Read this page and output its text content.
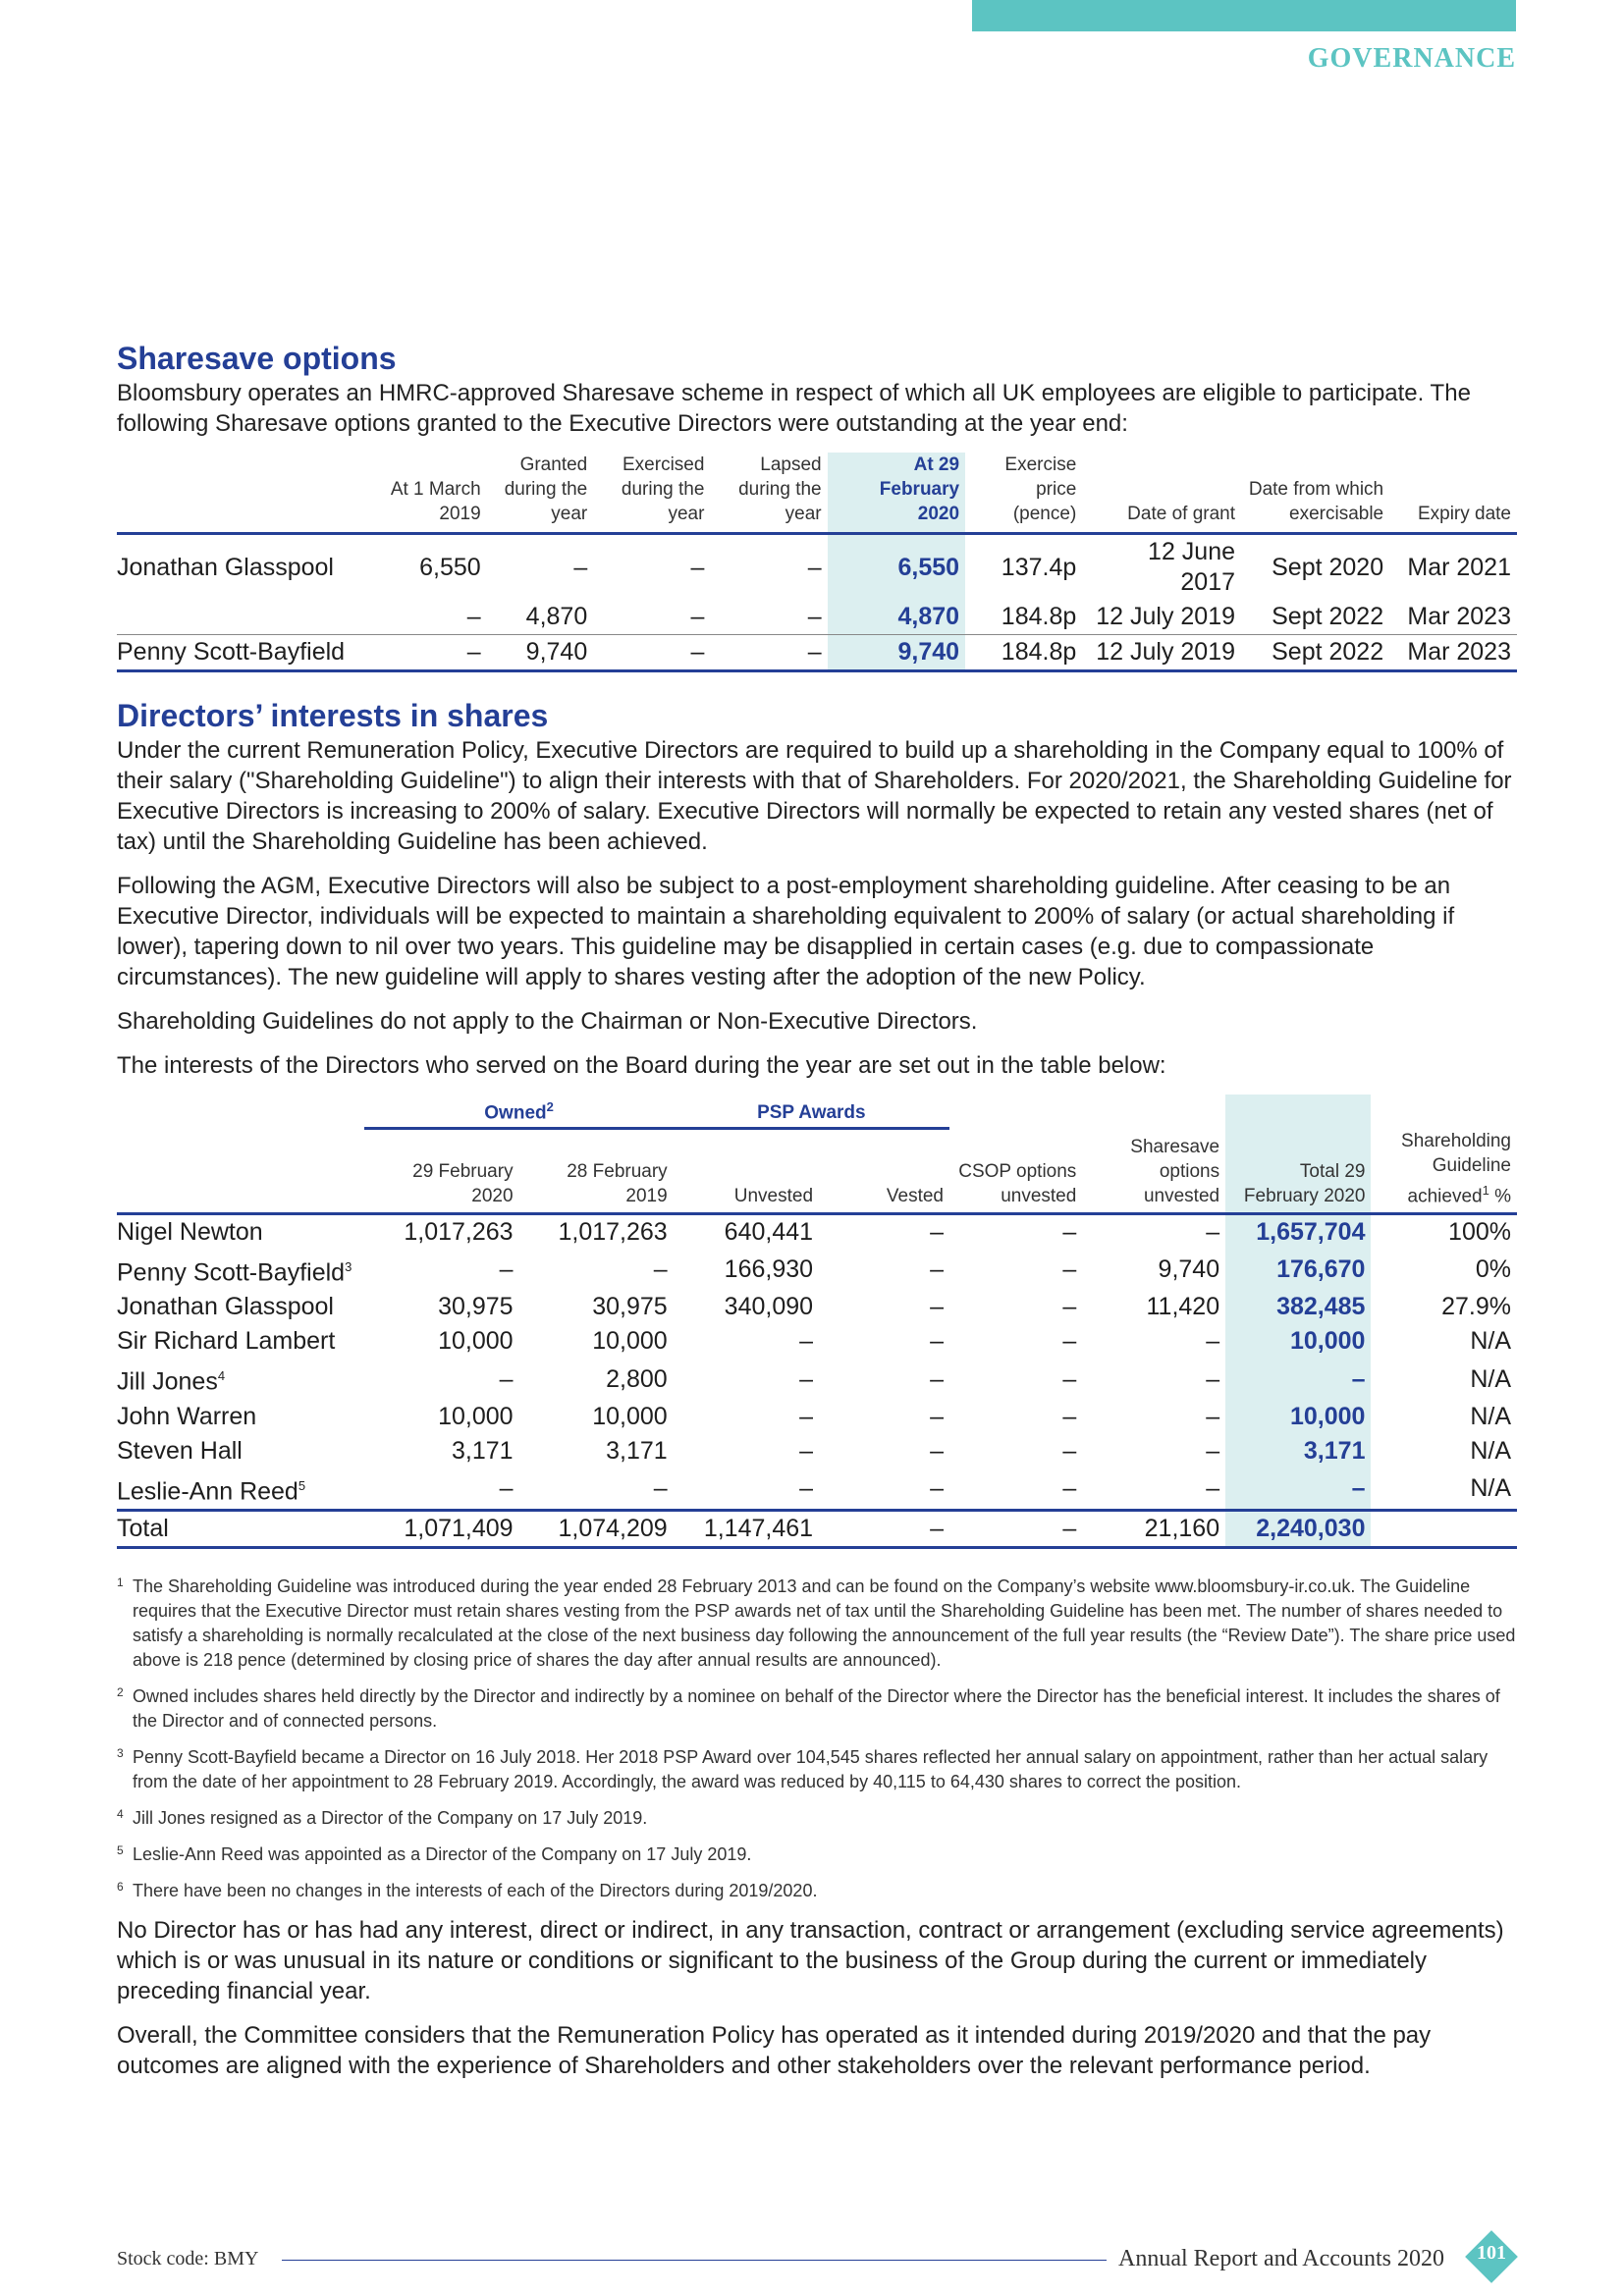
GOVERNANCE
Sharesave options

Bloomsbury operates an HMRC-approved Sharesave scheme in respect of which all UK employees are eligible to participate. The following Sharesave options granted to the Executive Directors were outstanding at the year end:

	At 1 March 2019	Granted during the year	Exercised during the year	Lapsed during the year	At 29 February 2020	Exercise price (pence)	Date of grant	Date from which exercisable	Expiry date
Jonathan Glasspool	6,550	–	–	–	6,550	137.4p	12 June 2017	Sept 2020	Mar 2021
	–	4,870	–	–	4,870	184.8p	12 July 2019	Sept 2022	Mar 2023
Penny Scott-Bayfield	–	9,740	–	–	9,740	184.8p	12 July 2019	Sept 2022	Mar 2023
Directors’ interests in shares

Under the current Remuneration Policy, Executive Directors are required to build up a shareholding in the Company equal to 100% of their salary ("Shareholding Guideline") to align their interests with that of Shareholders. For 2020/2021, the Shareholding Guideline for Executive Directors is increasing to 200% of salary. Executive Directors will normally be expected to retain any vested shares (net of tax) until the Shareholding Guideline has been achieved.

Following the AGM, Executive Directors will also be subject to a post-employment shareholding guideline. After ceasing to be an Executive Director, individuals will be expected to maintain a shareholding equivalent to 200% of salary (or actual shareholding if lower), tapering down to nil over two years. This guideline may be disapplied in certain cases (e.g. due to compassionate circumstances). The new guideline will apply to shares vesting after the adoption of the new Policy.

Shareholding Guidelines do not apply to the Chairman or Non-Executive Directors.

The interests of the Directors who served on the Board during the year are set out in the table below:

	Owned$^2$		PSP Awards					
	29 February 2020	28 February 2019	Unvested	Vested	CSOP options unvested	Sharesave options unvested	Total 29 February 2020	Shareholding Guideline achieved$^1$ %
Nigel Newton	1,017,263	1,017,263	640,441	–	–	–	1,657,704	100%
Penny Scott-Bayfield$^3$	–	–	166,930	–	–	9,740	176,670	0%
Jonathan Glasspool	30,975	30,975	340,090	–	–	11,420	382,485	27.9%
Sir Richard Lambert	10,000	10,000	–	–	–	–	10,000	N/A
Jill Jones$^4$	–	2,800	–	–	–	–	–	N/A
John Warren	10,000	10,000	–	–	–	–	10,000	N/A
Steven Hall	3,171	3,171	–	–	–	–	3,171	N/A
Leslie-Ann Reed$^5$	–	–	–	–	–	–	–	N/A
Total	1,071,409	1,074,209	1,147,461	–	–	21,160	2,240,030	
1 The Shareholding Guideline was introduced during the year ended 28 February 2013 and can be found on the Company’s website www.bloomsbury-ir.co.uk. The Guideline requires that the Executive Director must retain shares vesting from the PSP awards net of tax until the Shareholding Guideline has been met. The number of shares needed to satisfy a shareholding is normally recalculated at the close of the next business day following the announcement of the full year results (the “Review Date”). The share price used above is 218 pence (determined by closing price of shares the day after annual results are announced).
2 Owned includes shares held directly by the Director and indirectly by a nominee on behalf of the Director where the Director has the beneficial interest. It includes the shares of the Director and of connected persons.
3 Penny Scott-Bayfield became a Director on 16 July 2018. Her 2018 PSP Award over 104,545 shares reflected her annual salary on appointment, rather than her actual salary from the date of her appointment to 28 February 2019. Accordingly, the award was reduced by 40,115 to 64,430 shares to correct the position.
4 Jill Jones resigned as a Director of the Company on 17 July 2019.
5 Leslie-Ann Reed was appointed as a Director of the Company on 17 July 2019.
6 There have been no changes in the interests of each of the Directors during 2019/2020.

No Director has or has had any interest, direct or indirect, in any transaction, contract or arrangement (excluding service agreements) which is or was unusual in its nature or conditions or significant to the business of the Group during the current or immediately preceding financial year.

Overall, the Committee considers that the Remuneration Policy has operated as it intended during 2019/2020 and that the pay outcomes are aligned with the experience of Shareholders and other stakeholders over the relevant performance period.

Stock code: BMY	Annual Report and Accounts 2020	101
